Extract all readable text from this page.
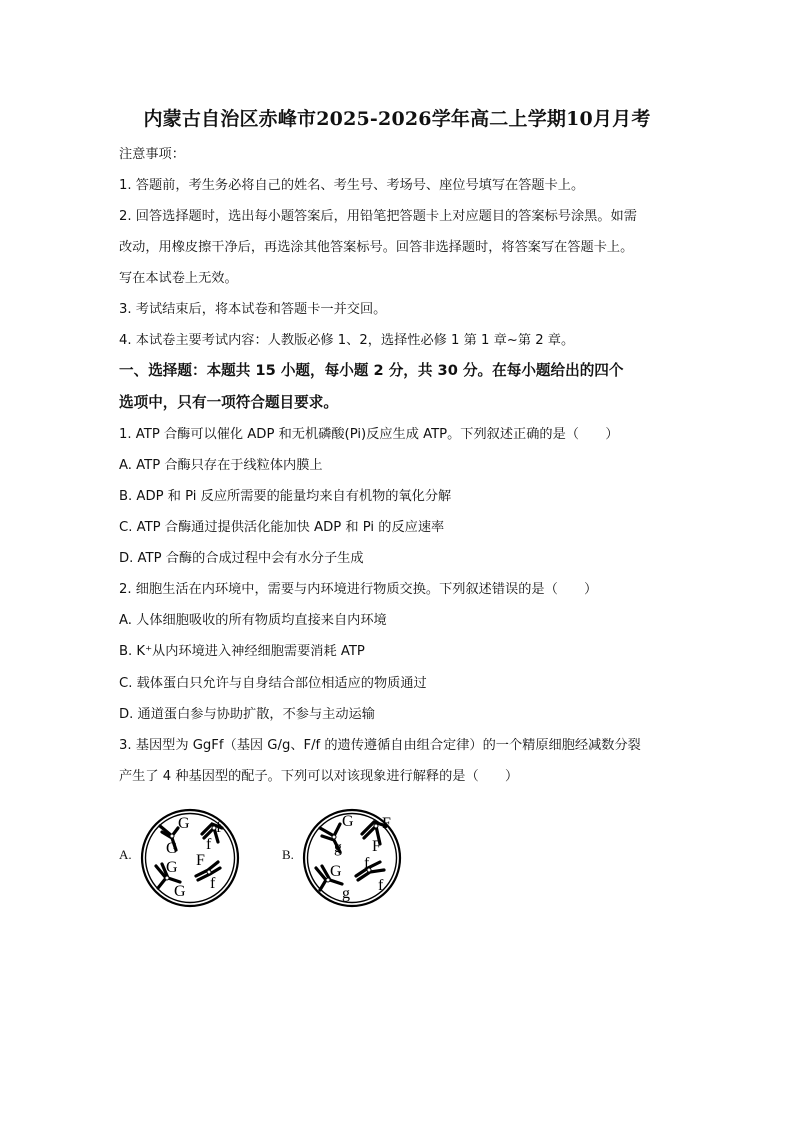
内蒙古自治区赤峰市2025-2026学年高二上学期10月月考
注意事项：
1. 答题前，考生务必将自己的姓名、考生号、考场号、座位号填写在答题卡上。
2. 回答选择题时，选出每小题答案后，用铅笔把答题卡上对应题目的答案标号涂黑。如需
改动，用橡皮擦干净后，再选涂其他答案标号。回答非选择题时，将答案写在答题卡上。
写在本试卷上无效。
3. 考试结束后，将本试卷和答题卡一并交回。
4. 本试卷主要考试内容：人教版必修 1、2，选择性必修 1 第 1 章~第 2 章。
一、选择题：本题共 15 小题，每小题 2 分，共 30 分。在每小题给出的四个
选项中，只有一项符合题目要求。
1. ATP 合酶可以催化 ADP 和无机磷酸(Pi)反应生成 ATP。下列叙述正确的是（　　）
A. ATP 合酶只存在于线粒体内膜上
B. ADP 和 Pi 反应所需要的能量均来自有机物的氧化分解
C. ATP 合酶通过提供活化能加快 ADP 和 Pi 的反应速率
D. ATP 合酶的合成过程中会有水分子生成
2. 细胞生活在内环境中，需要与内环境进行物质交换。下列叙述错误的是（　　）
A. 人体细胞吸收的所有物质均直接来自内环境
B. K⁺从内环境进入神经细胞需要消耗 ATP
C. 载体蛋白只允许与自身结合部位相适应的物质通过
D. 通道蛋白参与协助扩散，不参与主动运输
3. 基因型为 GgFf（基因 G/g、F/f 的遗传遵循自由组合定律）的一个精原细胞经减数分裂
产生了 4 种基因型的配子。下列可以对该现象进行解释的是（　　）
A.
G f
G f
G F
G f
B.
G F
g F
G f
g f
